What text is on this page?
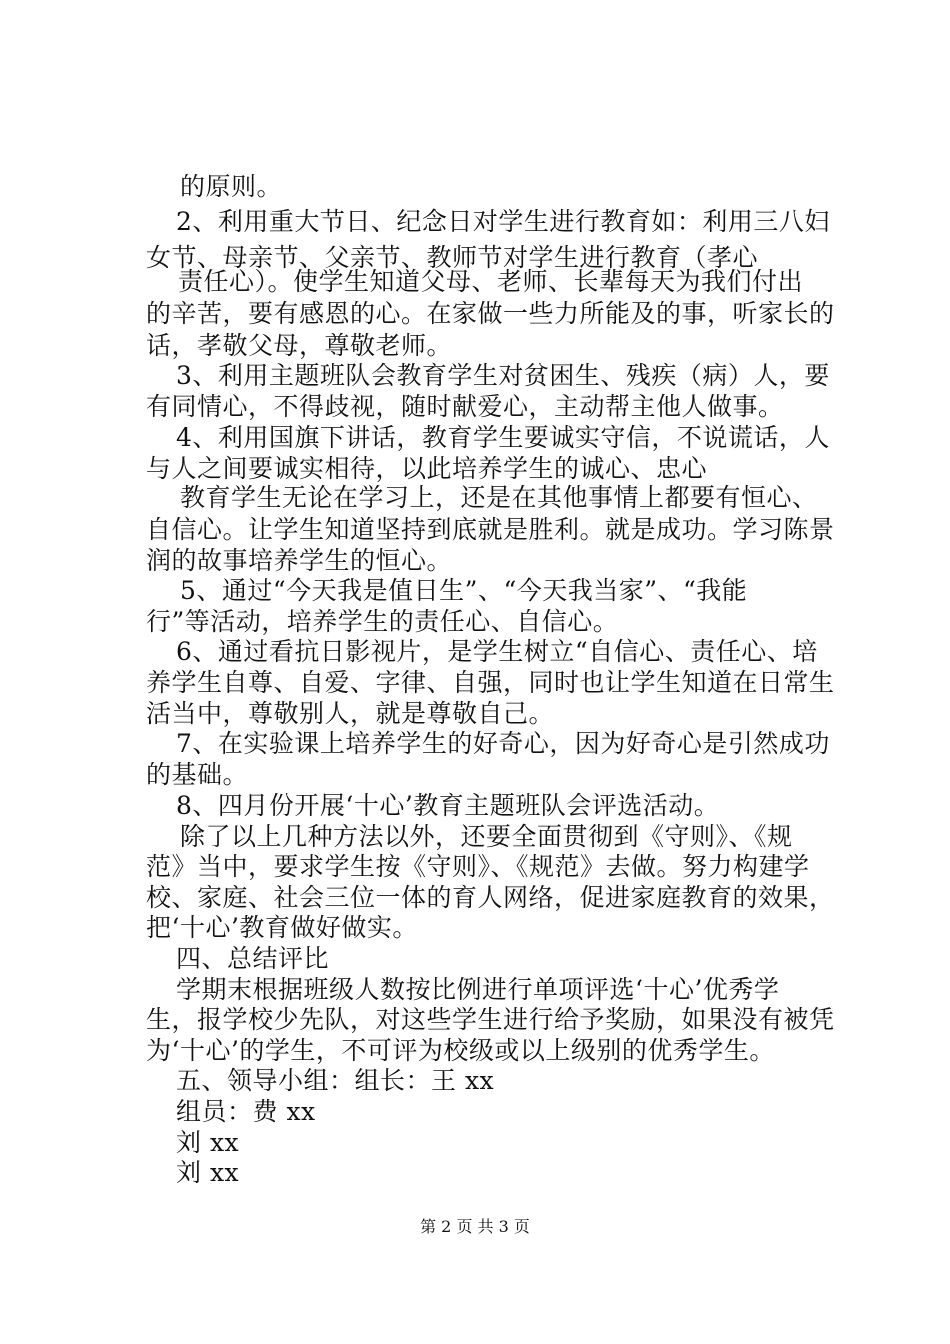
的原则。
2、利用重大节日、纪念日对学生进行教育如：利用三八妇
女节、母亲节、父亲节、教师节对学生进行教育（孝心
责任心）。使学生知道父母、老师、长辈每天为我们付出
的辛苦，要有感恩的心。在家做一些力所能及的事，听家长的
话，孝敬父母，尊敬老师。
3、利用主题班队会教育学生对贫困生、残疾（病）人，要
有同情心，不得歧视，随时献爱心，主动帮主他人做事。
4、利用国旗下讲话，教育学生要诚实守信，不说谎话，人
与人之间要诚实相待，以此培养学生的诚心、忠心
教育学生无论在学习上，还是在其他事情上都要有恒心、
自信心。让学生知道坚持到底就是胜利。就是成功。学习陈景
润的故事培养学生的恒心。
5、通过“今天我是值日生”、“今天我当家”、“我能
行”等活动，培养学生的责任心、自信心。
6、通过看抗日影视片，是学生树立“自信心、责任心、培
养学生自尊、自爱、字律、自强，同时也让学生知道在日常生
活当中，尊敬别人，就是尊敬自己。
7、在实验课上培养学生的好奇心，因为好奇心是引然成功
的基础。
8、四月份开展‘十心’教育主题班队会评选活动。
除了以上几种方法以外，还要全面贯彻到《守则》、《规
范》当中，要求学生按《守则》、《规范》去做。努力构建学
校、家庭、社会三位一体的育人网络，促进家庭教育的效果，
把‘十心’教育做好做实。
四、总结评比
学期末根据班级人数按比例进行单项评选‘十心’优秀学
生，报学校少先队，对这些学生进行给予奖励，如果没有被凭
为‘十心’的学生，不可评为校级或以上级别的优秀学生。
五、领导小组：组长：王 xx
组员：费 xx
刘 xx
刘 xx
第 2 页 共 3 页
